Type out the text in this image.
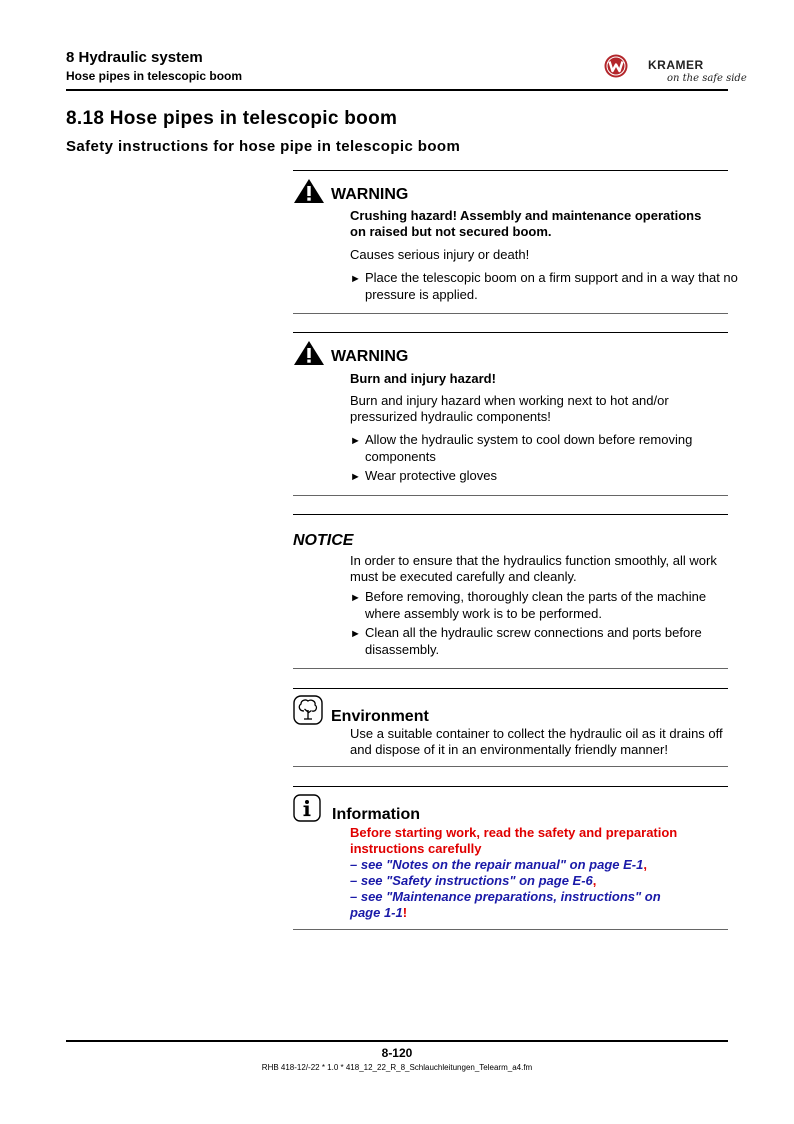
8 Hydraulic system
Hose pipes in telescopic boom
KRAMER
on the safe side
8.18 Hose pipes in telescopic boom
Safety instructions for hose pipe in telescopic boom
WARNING
Crushing hazard! Assembly and maintenance operations
on raised but not secured boom.
Causes serious injury or death!
► Place the telescopic boom on a firm support and in a way that no pressure is applied.
WARNING
Burn and injury hazard!
Burn and injury hazard when working next to hot and/or pressurized hydraulic components!
► Allow the hydraulic system to cool down before removing components
► Wear protective gloves
NOTICE
In order to ensure that the hydraulics function smoothly, all work must be executed carefully and cleanly.
► Before removing, thoroughly clean the parts of the machine where assembly work is to be performed.
► Clean all the hydraulic screw connections and ports before disassembly.
Environment
Use a suitable container to collect the hydraulic oil as it drains off and dispose of it in an environmentally friendly manner!
Information
Before starting work, read the safety and preparation
instructions carefully
– see "Notes on the repair manual" on page E-1,
– see "Safety instructions" on page E-6,
– see "Maintenance preparations, instructions" on
page 1-1!
8-120
RHB 418-12/-22 * 1.0 * 418_12_22_R_8_Schlauchleitungen_Telearm_a4.fm
